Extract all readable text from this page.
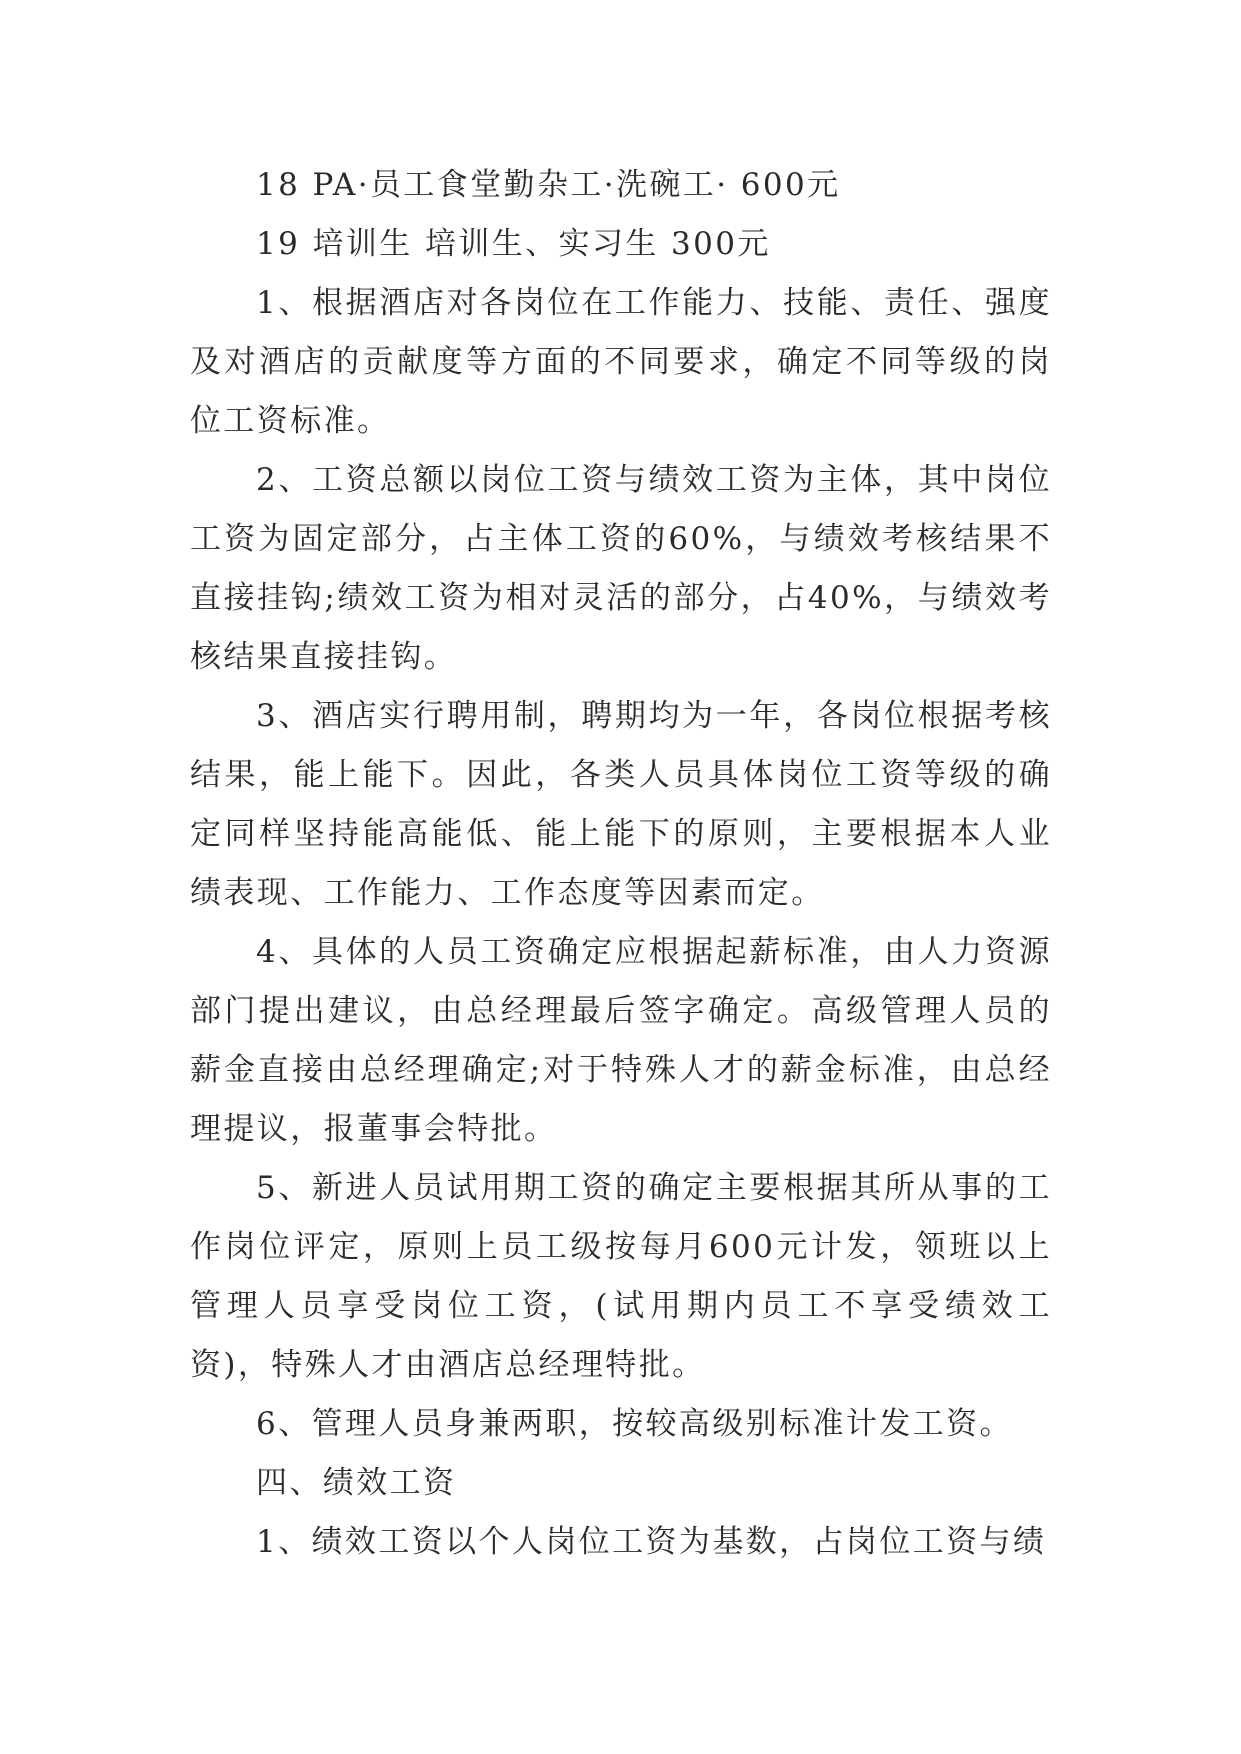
18 PA·员工食堂勤杂工·洗碗工· 600元

19 培训生 培训生、实习生 300元

1、根据酒店对各岗位在工作能力、技能、责任、强度及对酒店的贡献度等方面的不同要求，确定不同等级的岗位工资标准。

2、工资总额以岗位工资与绩效工资为主体，其中岗位工资为固定部分，占主体工资的60%，与绩效考核结果不直接挂钩;绩效工资为相对灵活的部分，占40%，与绩效考核结果直接挂钩。

3、酒店实行聘用制，聘期均为一年，各岗位根据考核结果，能上能下。因此，各类人员具体岗位工资等级的确定同样坚持能高能低、能上能下的原则，主要根据本人业绩表现、工作能力、工作态度等因素而定。

4、具体的人员工资确定应根据起薪标准，由人力资源部门提出建议，由总经理最后签字确定。高级管理人员的薪金直接由总经理确定;对于特殊人才的薪金标准，由总经理提议，报董事会特批。

5、新进人员试用期工资的确定主要根据其所从事的工作岗位评定，原则上员工级按每月600元计发，领班以上管理人员享受岗位工资，(试用期内员工不享受绩效工资)，特殊人才由酒店总经理特批。

6、管理人员身兼两职，按较高级别标准计发工资。

四、绩效工资

1、绩效工资以个人岗位工资为基数，占岗位工资与绩
